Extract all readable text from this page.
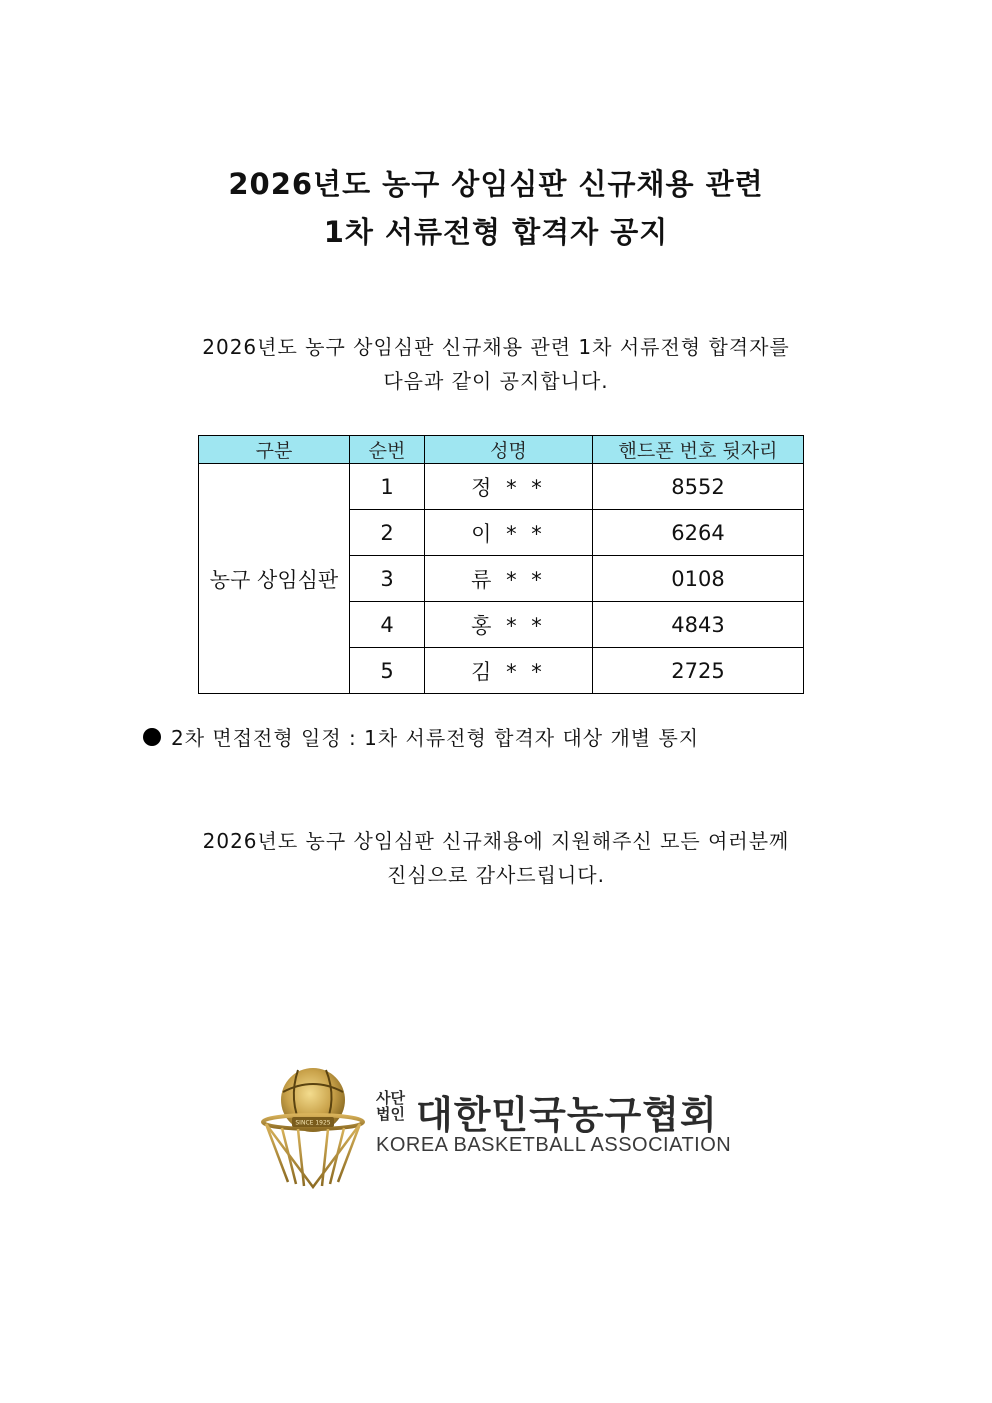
2026년도 농구 상임심판 신규채용 관련
1차 서류전형 합격자 공지
2026년도 농구 상임심판 신규채용 관련 1차 서류전형 합격자를
다음과 같이 공지합니다.
구분	순번	성명	핸드폰 번호 뒷자리
농구 상임심판	1	정 * *	8552
	2	이 * *	6264
	3	류 * *	0108
	4	홍 * *	4843
	5	김 * *	2725
2차 면접전형 일정 : 1차 서류전형 합격자 대상 개별 통지
2026년도 농구 상임심판 신규채용에 지원해주신 모든 여러분께
진심으로 감사드립니다.
SINCE 1925
사단
법인 대한민국농구협회
KOREA BASKETBALL ASSOCIATION
